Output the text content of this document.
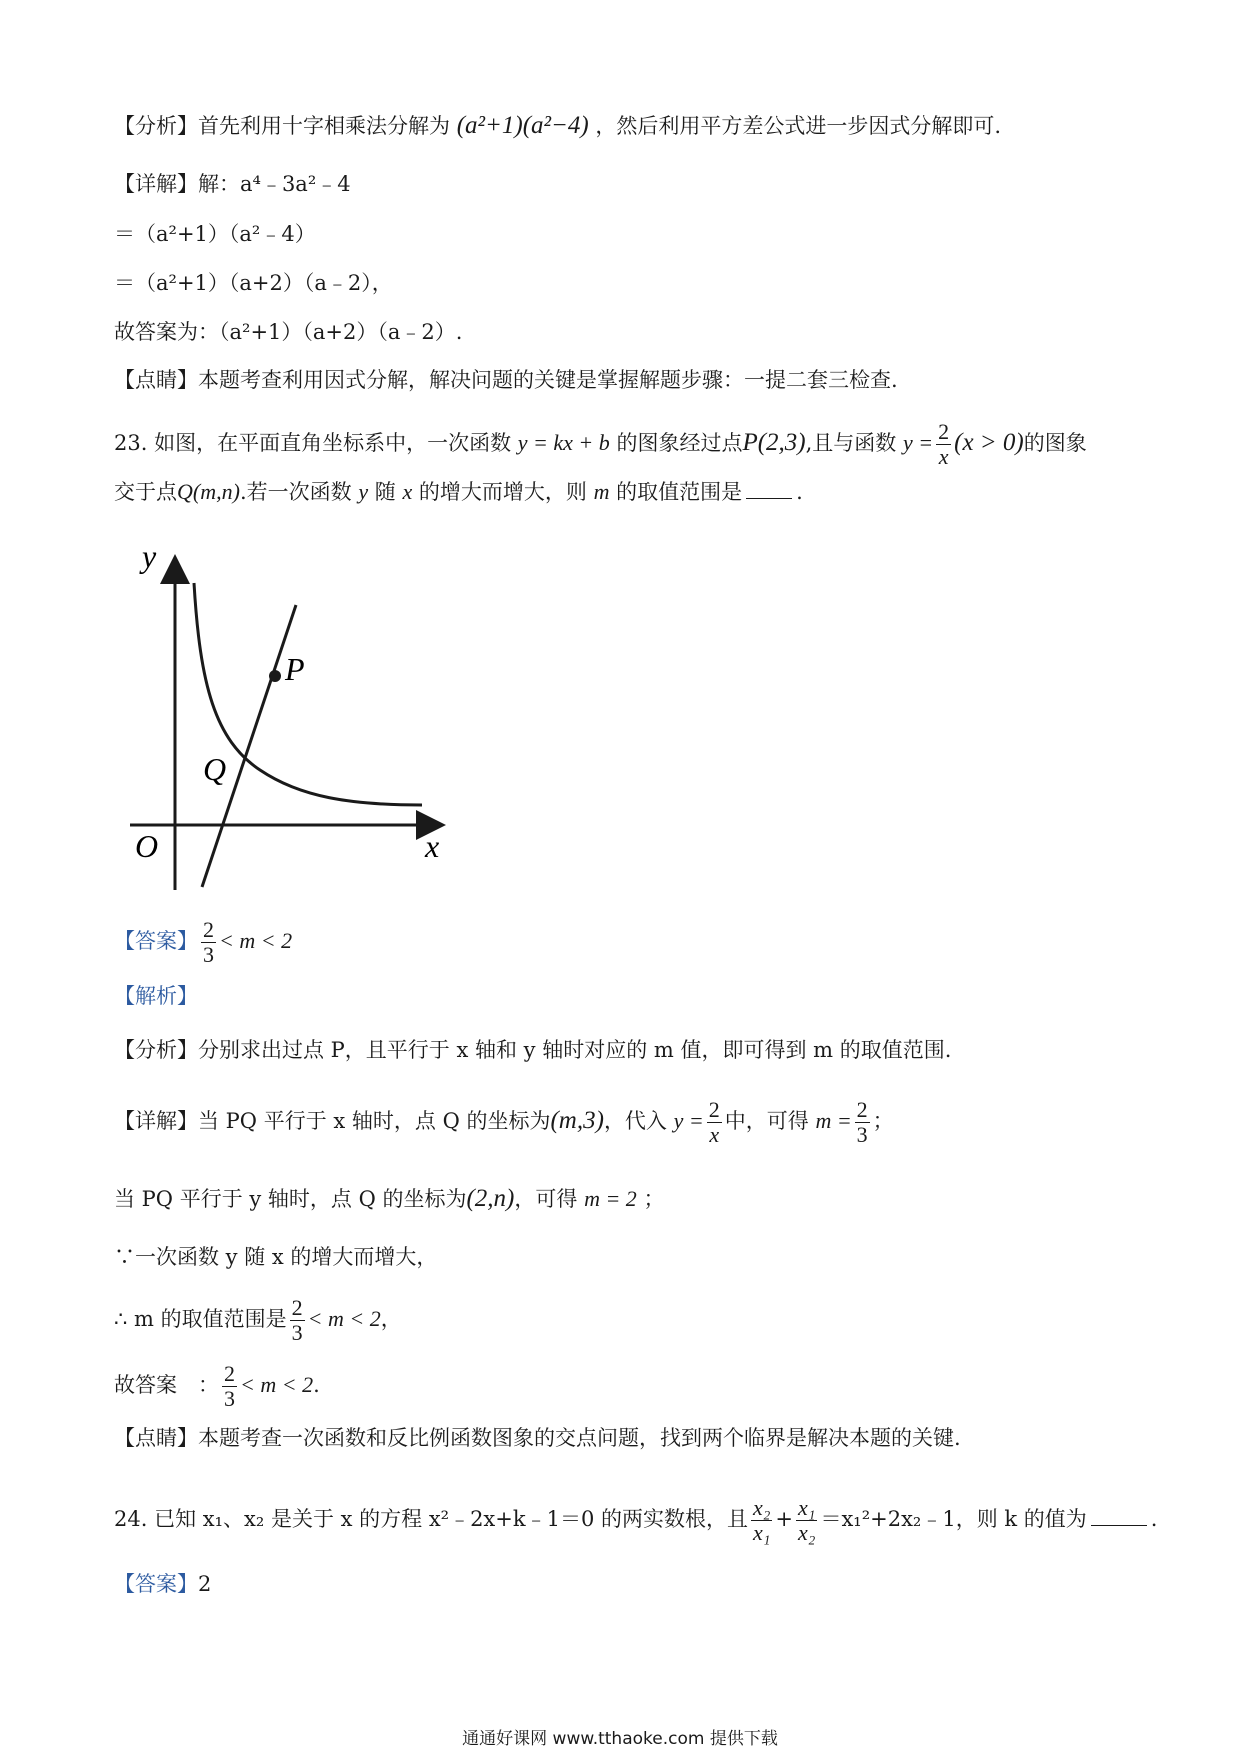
【分析】首先利用十字相乘法分解为 (a²+1)(a²−4) ，然后利用平方差公式进一步因式分解即可.
【详解】解：a⁴﹣3a²﹣4
＝（a²+1）（a²﹣4）
＝（a²+1）（a+2）（a﹣2），
故答案为：（a²+1）（a+2）（a﹣2）.
【点睛】本题考查利用因式分解，解决问题的关键是掌握解题步骤：一提二套三检查.
23. 如图，在平面直角坐标系中，一次函数 y = kx + b 的图象经过点P(2,3),且与函数 $y = \frac{2}{x} (x > 0)$的图象
交于点Q(m,n).若一次函数 y 随 x 的增大而增大，则 m 的取值范围是	.
y
x
O
P
Q
【答案】 $\frac{2}{3} < m < 2$
【解析】
【分析】分别求出过点 P，且平行于 x 轴和 y 轴时对应的 m 值，即可得到 m 的取值范围.
【详解】当 PQ 平行于 x 轴时，点 Q 的坐标为(m,3)，代入 $y = \frac{2}{x}$ 中，可得 $m = \frac{2}{3}$ ；
当 PQ 平行于 y 轴时，点 Q 的坐标为(2,n)，可得 m = 2 ；
∵一次函数 y 随 x 的增大而增大，
∴ m 的取值范围是 $\frac{2}{3} < m < 2$，
故答案　： $\frac{2}{3} < m < 2$.
【点睛】本题考查一次函数和反比例函数图象的交点问题，找到两个临界是解决本题的关键.
24. 已知 x₁、x₂ 是关于 x 的方程 x²﹣2x+k﹣1＝0 的两实数根，且 $\frac{\text{x₂}}{\text{x₁}} + \frac{\text{x₁}}{\text{x₂}}$ ＝x₁²+2x₂﹣1，则 k 的值为	.
【答案】2
通通好课网 www.tthaoke.com 提供下载
